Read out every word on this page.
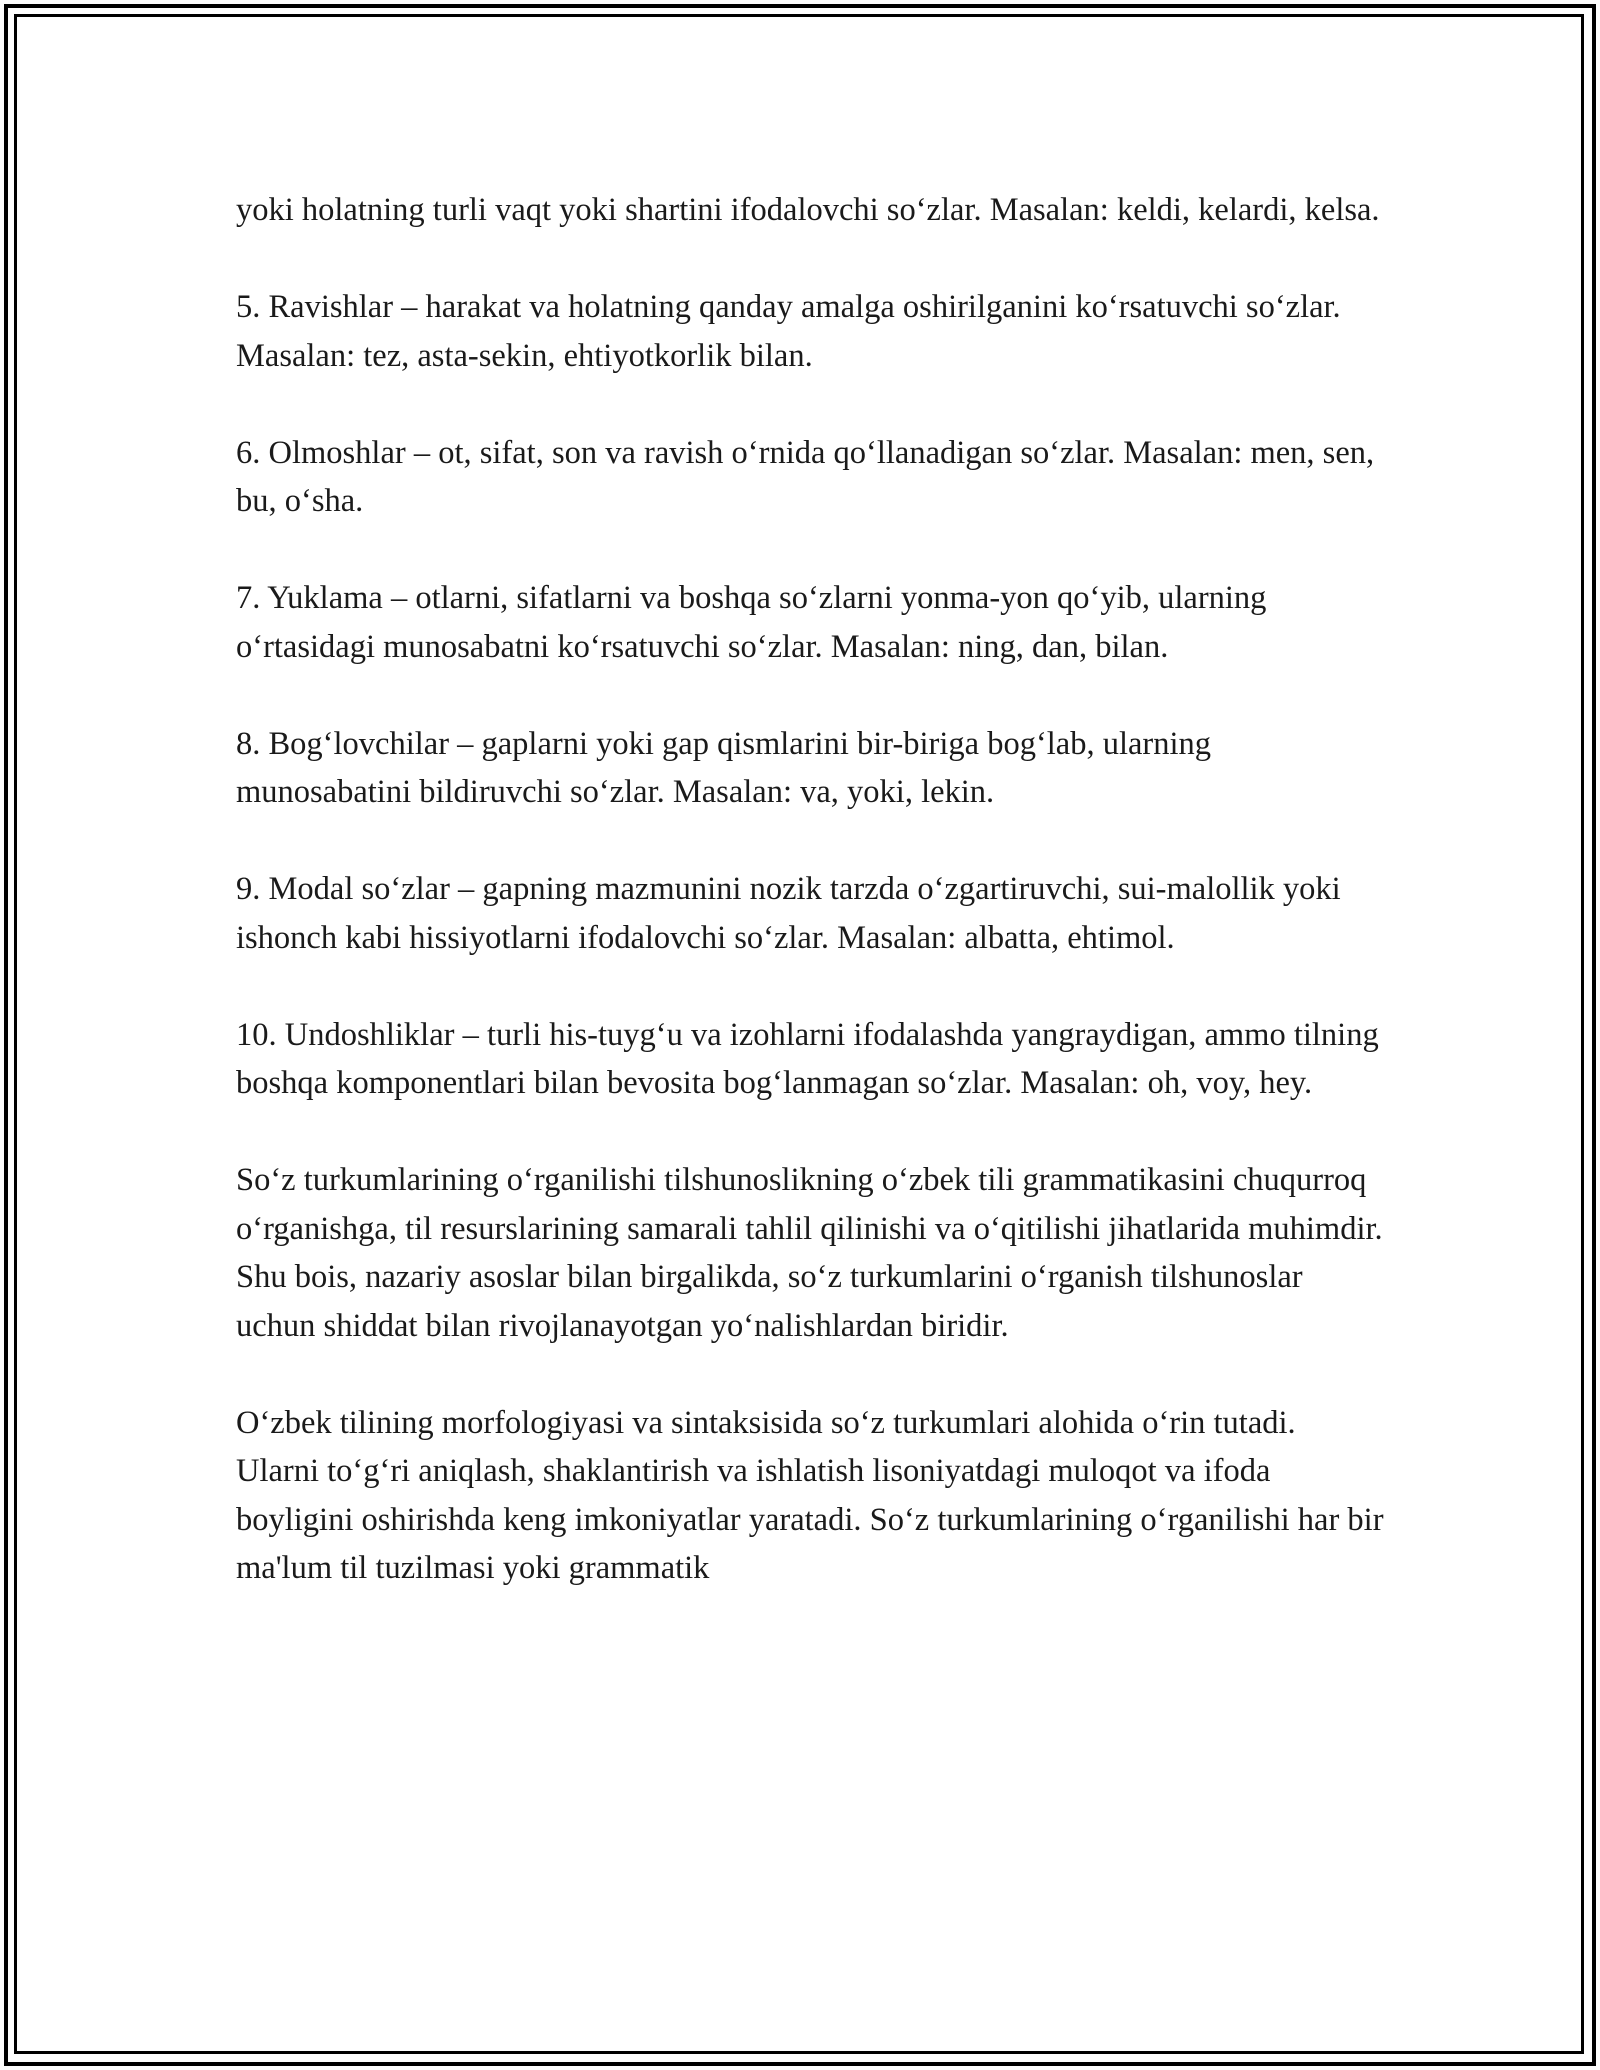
yoki holatning turli vaqt yoki shartini ifodalovchi so‘zlar. Masalan: keldi, kelardi, kelsa.

5. Ravishlar – harakat va holatning qanday amalga oshirilganini ko‘rsatuvchi so‘zlar. Masalan: tez, asta-sekin, ehtiyotkorlik bilan.

6. Olmoshlar – ot, sifat, son va ravish o‘rnida qo‘llanadigan so‘zlar. Masalan: men, sen, bu, o‘sha.

7. Yuklama – otlarni, sifatlarni va boshqa so‘zlarni yonma-yon qo‘yib, ularning o‘rtasidagi munosabatni ko‘rsatuvchi so‘zlar. Masalan: ning, dan, bilan.

8. Bog‘lovchilar – gaplarni yoki gap qismlarini bir-biriga bog‘lab, ularning munosabatini bildiruvchi so‘zlar. Masalan: va, yoki, lekin.

9. Modal so‘zlar – gapning mazmunini nozik tarzda o‘zgartiruvchi, sui-malollik yoki ishonch kabi hissiyotlarni ifodalovchi so‘zlar. Masalan: albatta, ehtimol.

10. Undoshliklar – turli his-tuyg‘u va izohlarni ifodalashda yangraydigan, ammo tilning boshqa komponentlari bilan bevosita bog‘lanmagan so‘zlar. Masalan: oh, voy, hey.

So‘z turkumlarining o‘rganilishi tilshunoslikning o‘zbek tili grammatikasini chuqurroq o‘rganishga, til resurslarining samarali tahlil qilinishi va o‘qitilishi jihatlarida muhimdir. Shu bois, nazariy asoslar bilan birgalikda, so‘z turkumlarini o‘rganish tilshunoslar uchun shiddat bilan rivojlanayotgan yo‘nalishlardan biridir.

O‘zbek tilining morfologiyasi va sintaksisida so‘z turkumlari alohida o‘rin tutadi. Ularni to‘g‘ri aniqlash, shaklantirish va ishlatish lisoniyatdagi muloqot va ifoda boyligini oshirishda keng imkoniyatlar yaratadi. So‘z turkumlarining o‘rganilishi har bir ma'lum til tuzilmasi yoki grammatik
